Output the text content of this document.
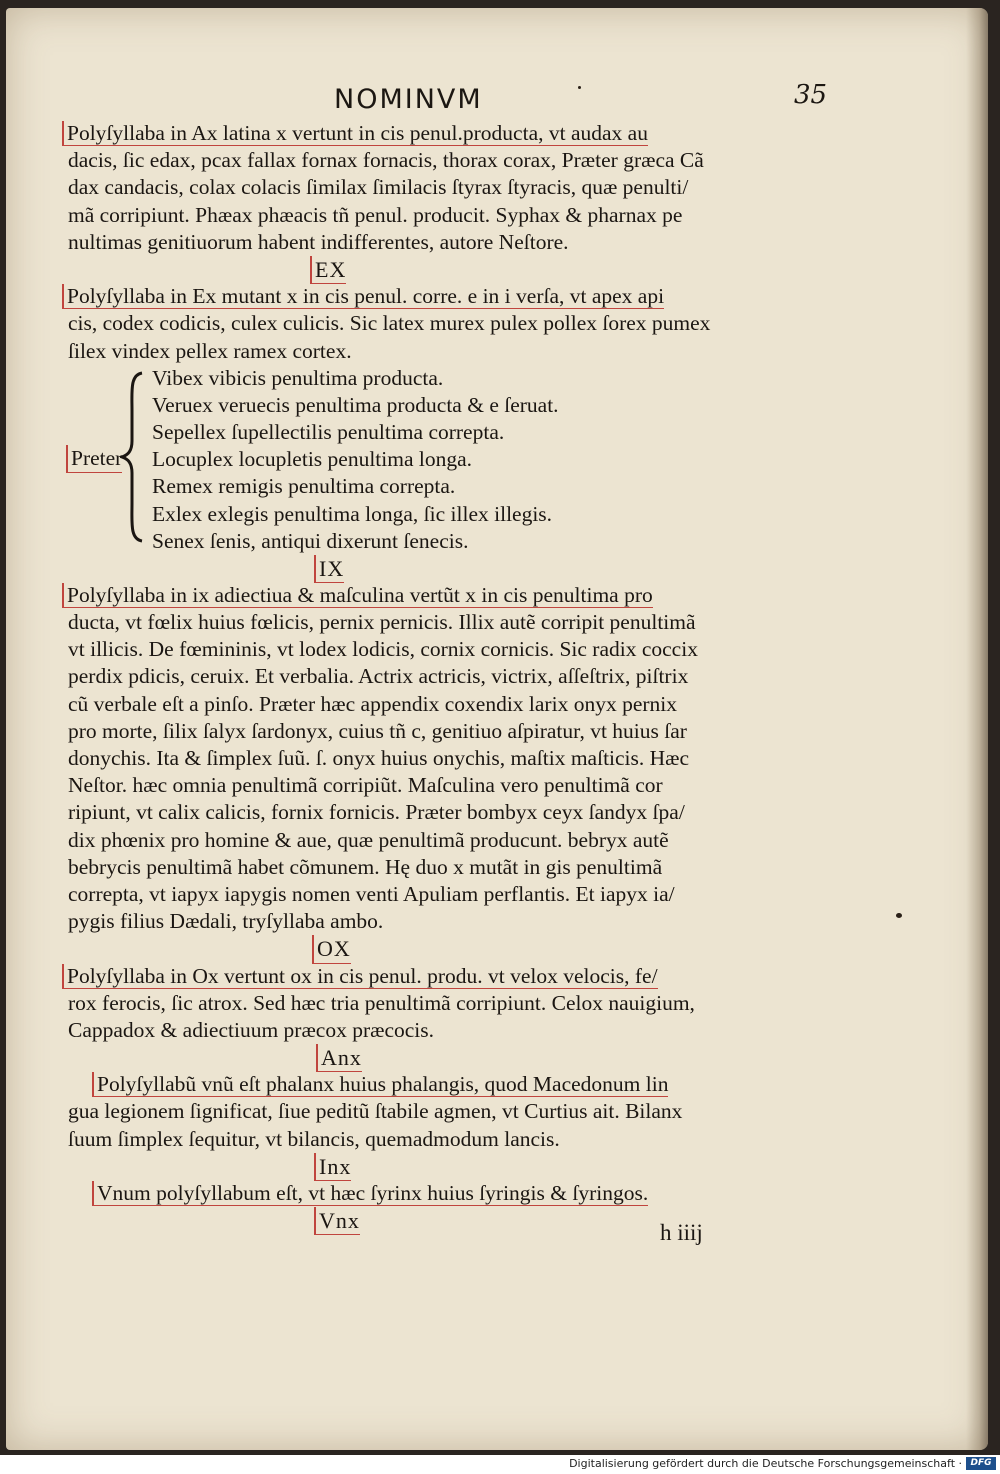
NOMINVM	35
Polyſyllaba in Ax latina x vertunt in cis penul.producta, vt audax au
dacis, ſic edax, pcax fallax fornax fornacis, thorax corax, Præter græca Cã
dax candacis, colax colacis ſimilax ſimilacis ſtyrax ſtyracis, quæ penulti/
mã corripiunt. Phæax phæacis tñ penul. producit. Syphax & pharnax pe
nultimas genitiuorum habent indifferentes, autore Neſtore.
EX
Polyſyllaba in Ex mutant x in cis penul. corre. e in i verſa, vt apex api
cis, codex codicis, culex culicis. Sic latex murex pulex pollex ſorex pumex
ſilex vindex pellex ramex cortex.
Preter
Vibex vibicis penultima producta.
Veruex veruecis penultima producta & e ſeruat.
Sepellex ſupellectilis penultima correpta.
Locuplex locupletis penultima longa.
Remex remigis penultima correpta.
Exlex exlegis penultima longa, ſic illex illegis.
Senex ſenis, antiqui dixerunt ſenecis.
IX
Polyſyllaba in ix adiectiua & maſculina vertũt x in cis penultima pro
ducta, vt fœlix huius fœlicis, pernix pernicis. Illix autẽ corripit penultimã
vt illicis. De fœmininis, vt lodex lodicis, cornix cornicis. Sic radix coccix
perdix pdicis, ceruix. Et verbalia. Actrix actricis, victrix, aſſeſtrix, piſtrix
cũ verbale eſt a pinſo. Præter hæc appendix coxendix larix onyx pernix
pro morte, ſilix ſalyx ſardonyx, cuius tñ c, genitiuo aſpiratur, vt huius ſar
donychis. Ita & ſimplex ſuũ. ſ. onyx huius onychis, maſtix maſticis. Hæc
Neſtor. hæc omnia penultimã corripiũt. Maſculina vero penultimã cor
ripiunt, vt calix calicis, fornix fornicis. Præter bombyx ceyx ſandyx ſpa/
dix phœnix pro homine & aue, quæ penultimã producunt. bebryx autẽ
bebrycis penultimã habet cõmunem. Hę duo x mutãt in gis penultimã
correpta, vt iapyx iapygis nomen venti Apuliam perflantis. Et iapyx ia/
pygis filius Dædali, tryſyllaba ambo.
OX
Polyſyllaba in Ox vertunt ox in cis penul. produ. vt velox velocis, fe/
rox ferocis, ſic atrox. Sed hæc tria penultimã corripiunt. Celox nauigium,
Cappadox & adiectiuum præcox præcocis.
Anx
Polyſyllabũ vnũ eſt phalanx huius phalangis, quod Macedonum lin
gua legionem ſignificat, ſiue peditũ ſtabile agmen, vt Curtius ait. Bilanx
ſuum ſimplex ſequitur, vt bilancis, quemadmodum lancis.
Inx
Vnum polyſyllabum eſt, vt hæc ſyrinx huius ſyringis & ſyringos.
Vnx	h iiij
Digitalisierung gefördert durch die Deutsche Forschungsgemeinschaft · DFG
